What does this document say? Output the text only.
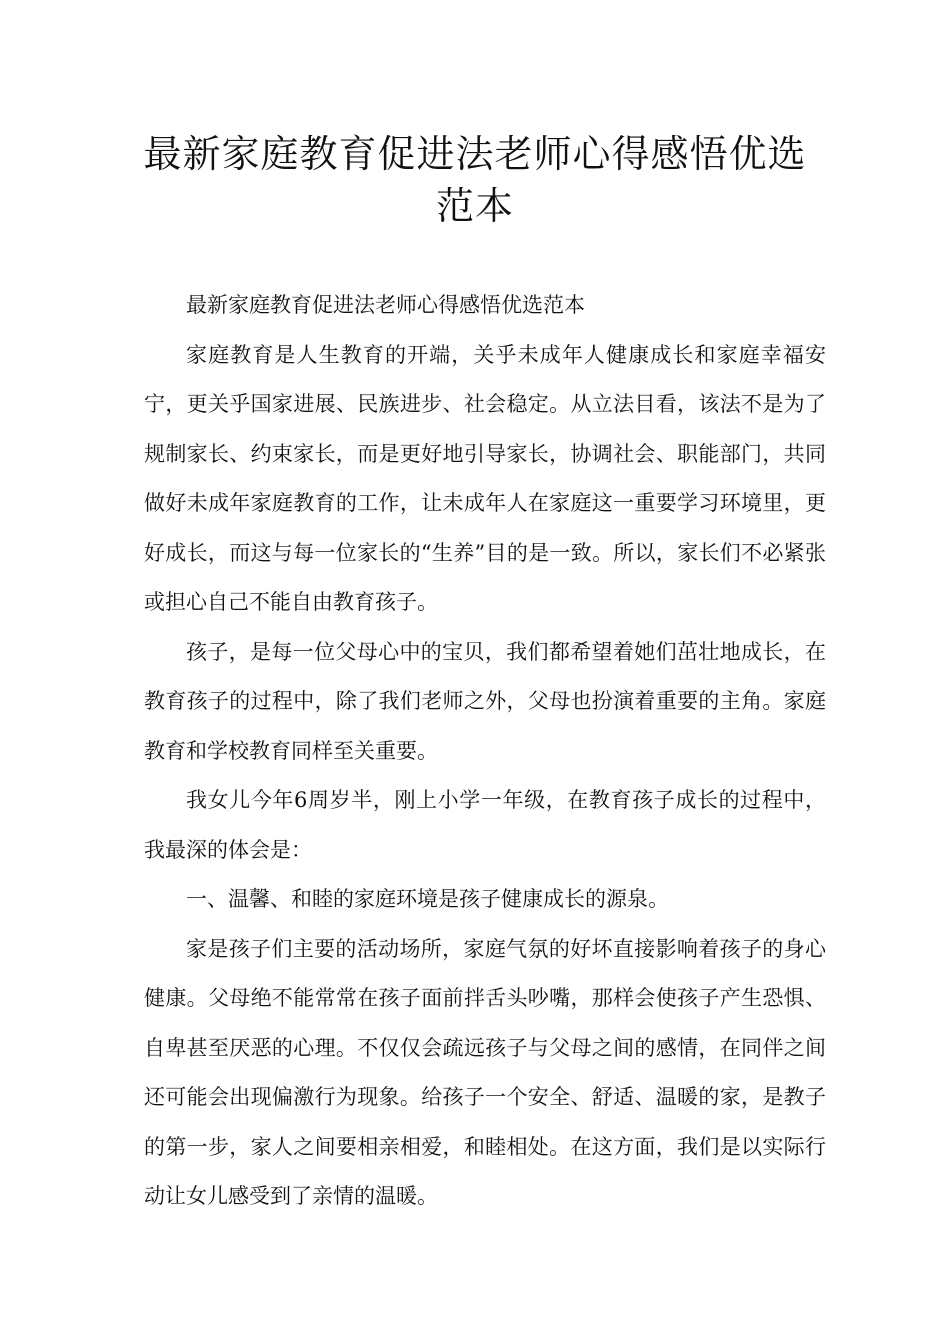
最新家庭教育促进法老师心得感悟优选范本

最新家庭教育促进法老师心得感悟优选范本

家庭教育是人生教育的开端，关乎未成年人健康成长和家庭幸福安宁，更关乎国家进展、民族进步、社会稳定。从立法目看，该法不是为了规制家长、约束家长，而是更好地引导家长，协调社会、职能部门，共同做好未成年家庭教育的工作，让未成年人在家庭这一重要学习环境里，更好成长，而这与每一位家长的“生养”目的是一致。所以，家长们不必紧张或担心自己不能自由教育孩子。

孩子，是每一位父母心中的宝贝，我们都希望着她们茁壮地成长，在教育孩子的过程中，除了我们老师之外，父母也扮演着重要的主角。家庭教育和学校教育同样至关重要。

我女儿今年6周岁半，刚上小学一年级，在教育孩子成长的过程中，我最深的体会是：

一、温馨、和睦的家庭环境是孩子健康成长的源泉。

家是孩子们主要的活动场所，家庭气氛的好坏直接影响着孩子的身心健康。父母绝不能常常在孩子面前拌舌头吵嘴，那样会使孩子产生恐惧、自卑甚至厌恶的心理。不仅仅会疏远孩子与父母之间的感情，在同伴之间还可能会出现偏激行为现象。给孩子一个安全、舒适、温暖的家，是教子的第一步，家人之间要相亲相爱，和睦相处。在这方面，我们是以实际行动让女儿感受到了亲情的温暖。
